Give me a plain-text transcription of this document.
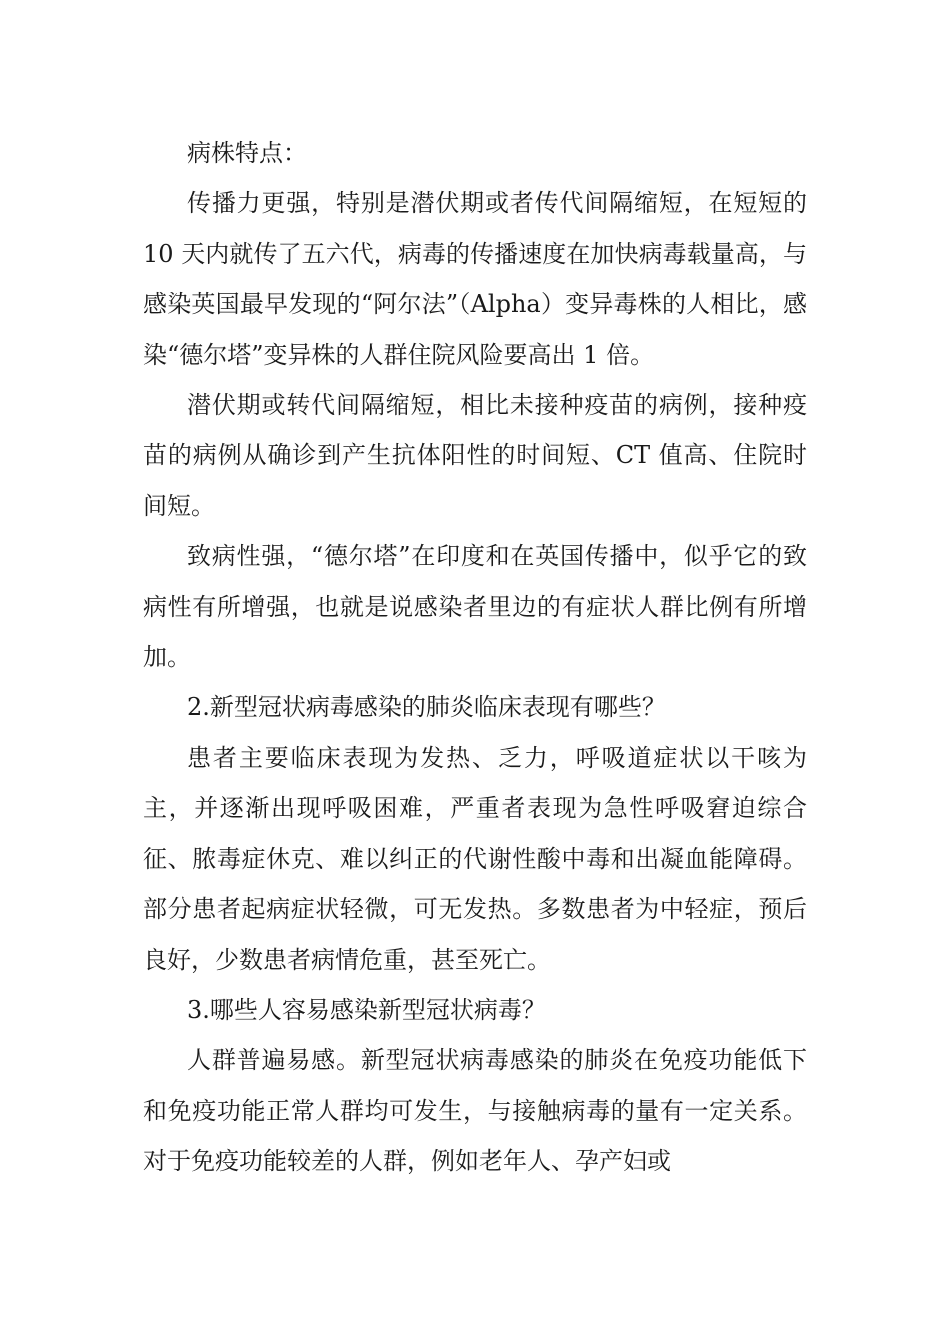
病株特点：

传播力更强，特别是潜伏期或者传代间隔缩短，在短短的 10 天内就传了五六代，病毒的传播速度在加快病毒载量高，与感染英国最早发现的“阿尔法”（Alpha）变异毒株的人相比，感染“德尔塔”变异株的人群住院风险要高出 1 倍。

潜伏期或转代间隔缩短，相比未接种疫苗的病例，接种疫苗的病例从确诊到产生抗体阳性的时间短、CT 值高、住院时间短。

致病性强，“德尔塔”在印度和在英国传播中，似乎它的致病性有所增强，也就是说感染者里边的有症状人群比例有所增加。

2.新型冠状病毒感染的肺炎临床表现有哪些？

患者主要临床表现为发热、乏力，呼吸道症状以干咳为主，并逐渐出现呼吸困难，严重者表现为急性呼吸窘迫综合征、脓毒症休克、难以纠正的代谢性酸中毒和出凝血能障碍。部分患者起病症状轻微，可无发热。多数患者为中轻症，预后良好，少数患者病情危重，甚至死亡。

3.哪些人容易感染新型冠状病毒？

人群普遍易感。新型冠状病毒感染的肺炎在免疫功能低下和免疫功能正常人群均可发生，与接触病毒的量有一定关系。对于免疫功能较差的人群，例如老年人、孕产妇或
